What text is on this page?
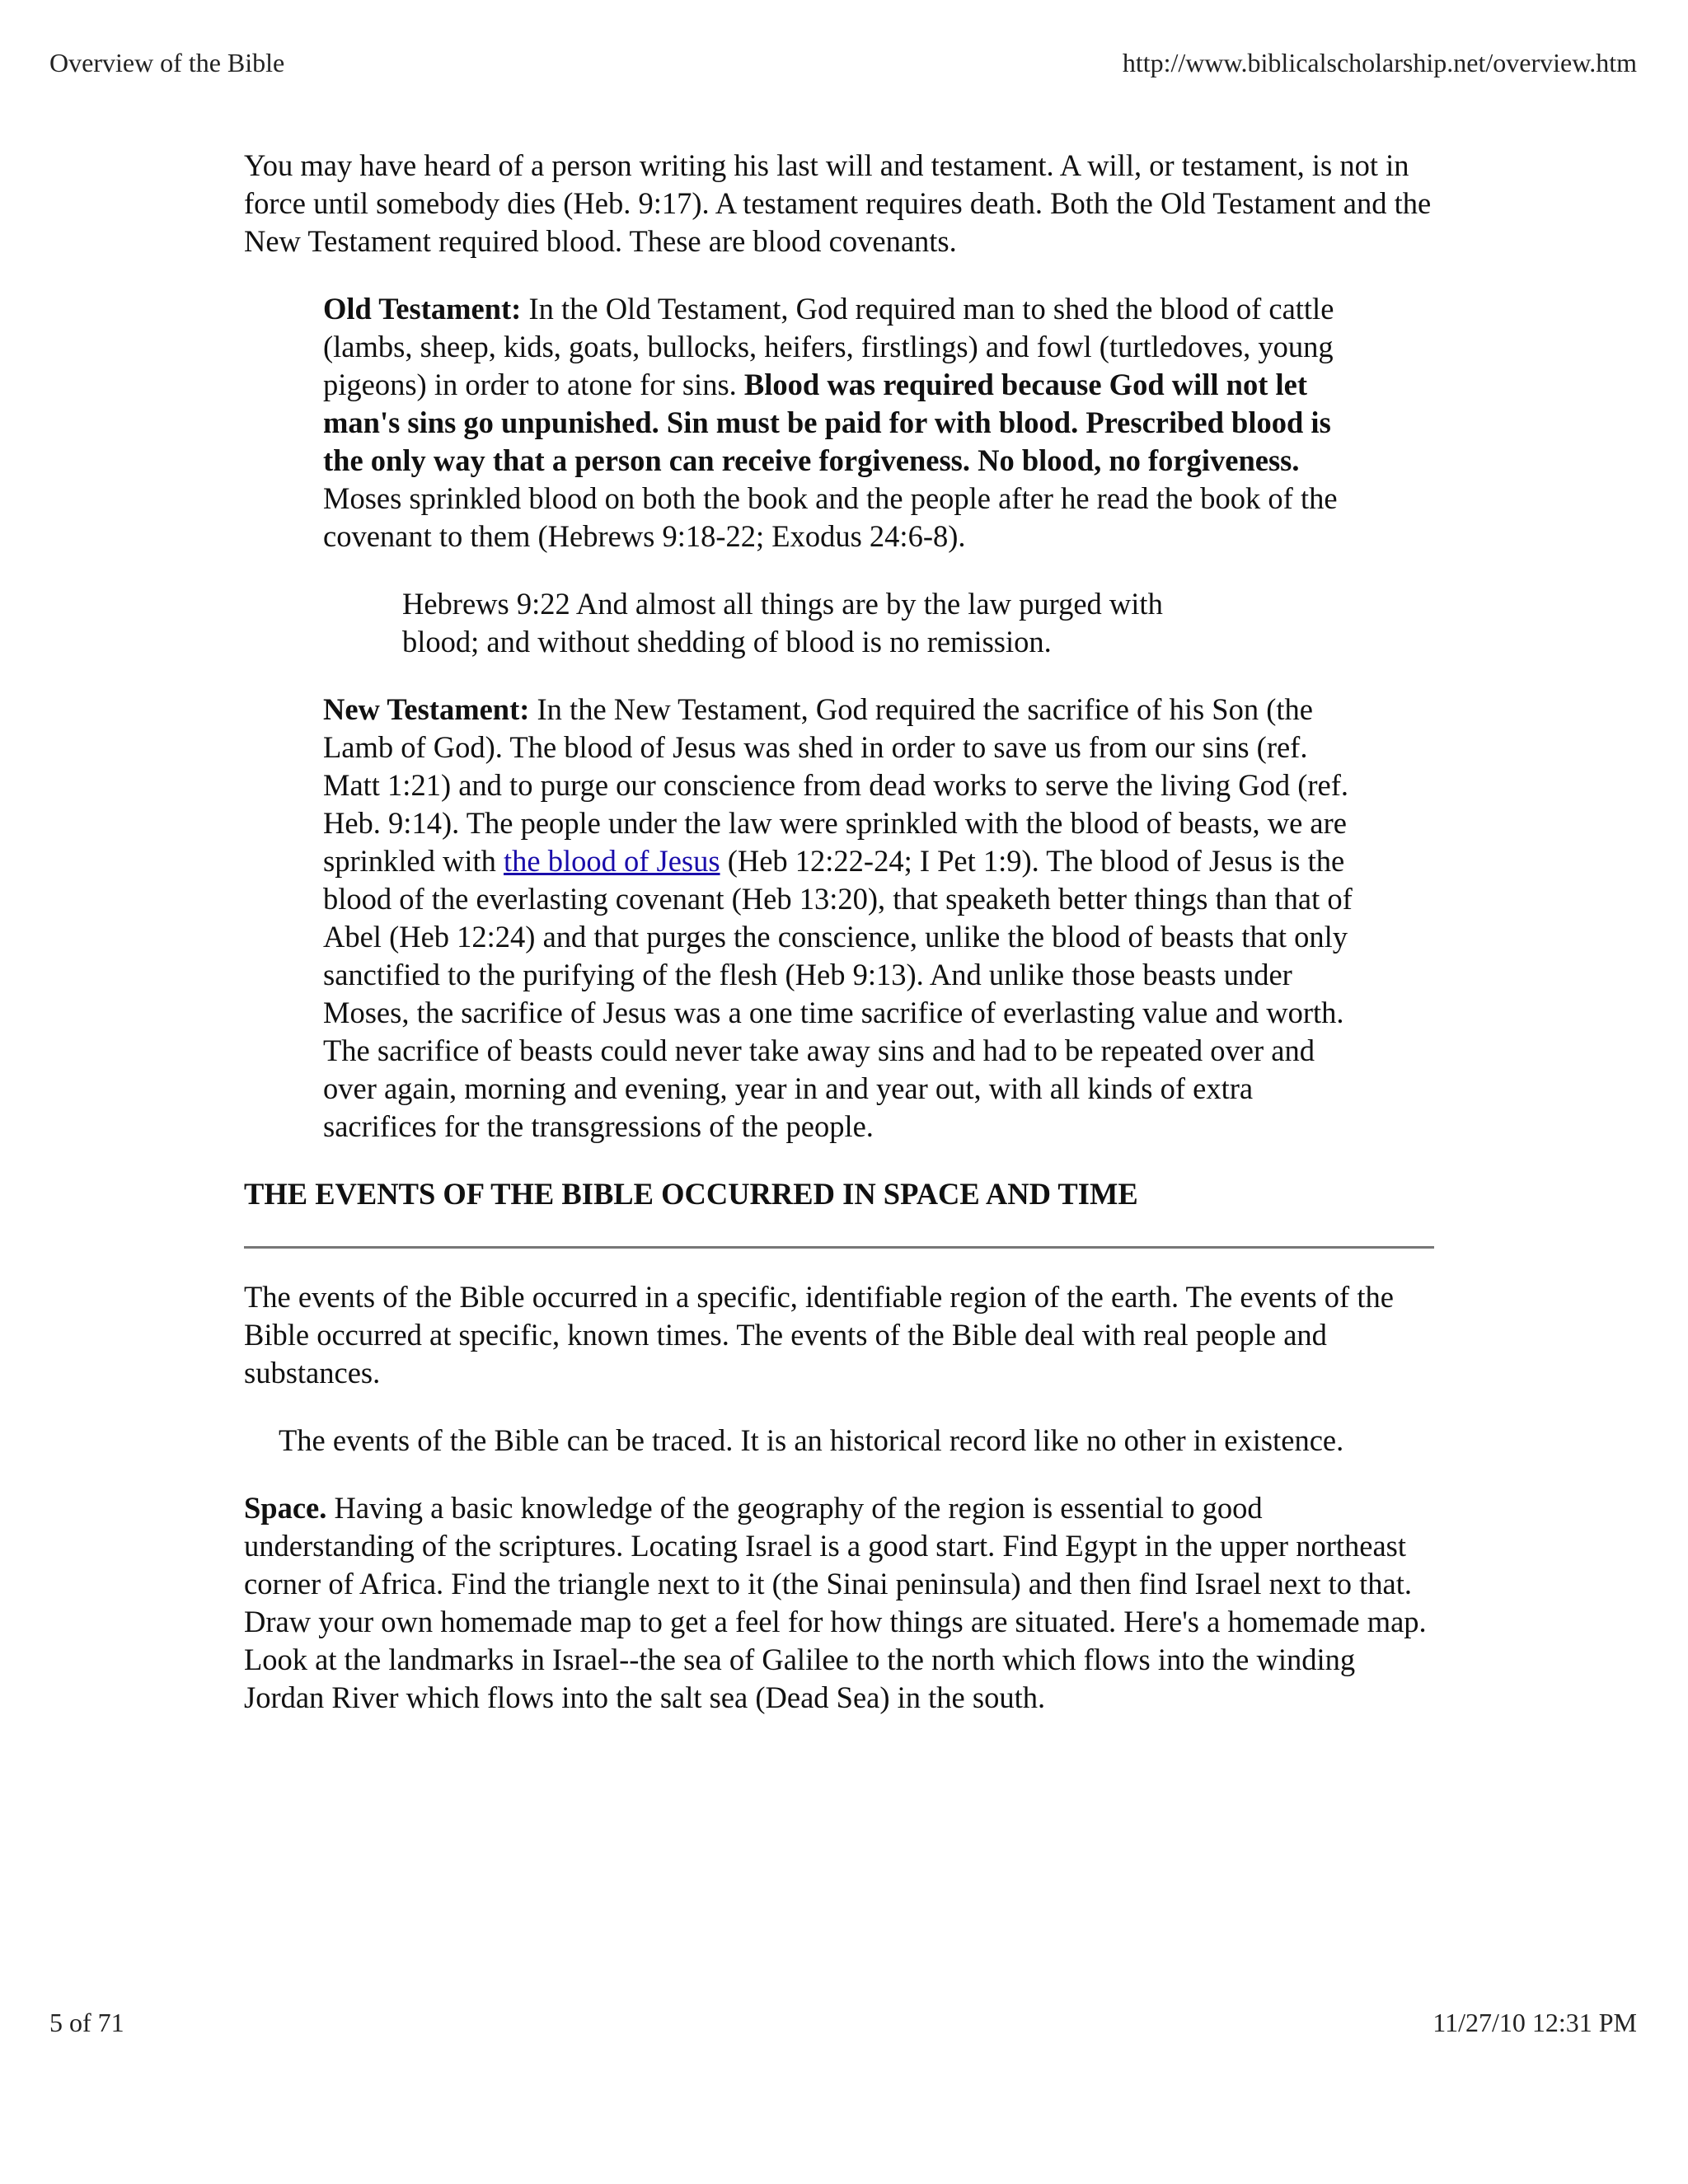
Overview of the Bible	http://www.biblicalscholarship.net/overview.htm

You may have heard of a person writing his last will and testament. A will, or testament, is not in force until somebody dies (Heb. 9:17). A testament requires death. Both the Old Testament and the New Testament required blood. These are blood covenants.

Old Testament: In the Old Testament, God required man to shed the blood of cattle (lambs, sheep, kids, goats, bullocks, heifers, firstlings) and fowl (turtledoves, young pigeons) in order to atone for sins. Blood was required because God will not let man's sins go unpunished. Sin must be paid for with blood. Prescribed blood is the only way that a person can receive forgiveness. No blood, no forgiveness. Moses sprinkled blood on both the book and the people after he read the book of the covenant to them (Hebrews 9:18-22; Exodus 24:6-8).

Hebrews 9:22 And almost all things are by the law purged with blood; and without shedding of blood is no remission.

New Testament: In the New Testament, God required the sacrifice of his Son (the Lamb of God). The blood of Jesus was shed in order to save us from our sins (ref. Matt 1:21) and to purge our conscience from dead works to serve the living God (ref. Heb. 9:14). The people under the law were sprinkled with the blood of beasts, we are sprinkled with the blood of Jesus (Heb 12:22-24; I Pet 1:9). The blood of Jesus is the blood of the everlasting covenant (Heb 13:20), that speaketh better things than that of Abel (Heb 12:24) and that purges the conscience, unlike the blood of beasts that only sanctified to the purifying of the flesh (Heb 9:13). And unlike those beasts under Moses, the sacrifice of Jesus was a one time sacrifice of everlasting value and worth. The sacrifice of beasts could never take away sins and had to be repeated over and over again, morning and evening, year in and year out, with all kinds of extra sacrifices for the transgressions of the people.

THE EVENTS OF THE BIBLE OCCURRED IN SPACE AND TIME

The events of the Bible occurred in a specific, identifiable region of the earth. The events of the Bible occurred at specific, known times. The events of the Bible deal with real people and substances.

The events of the Bible can be traced. It is an historical record like no other in existence.

Space. Having a basic knowledge of the geography of the region is essential to good understanding of the scriptures. Locating Israel is a good start. Find Egypt in the upper northeast corner of Africa. Find the triangle next to it (the Sinai peninsula) and then find Israel next to that. Draw your own homemade map to get a feel for how things are situated. Here's a homemade map. Look at the landmarks in Israel--the sea of Galilee to the north which flows into the winding Jordan River which flows into the salt sea (Dead Sea) in the south.

5 of 71	11/27/10 12:31 PM
